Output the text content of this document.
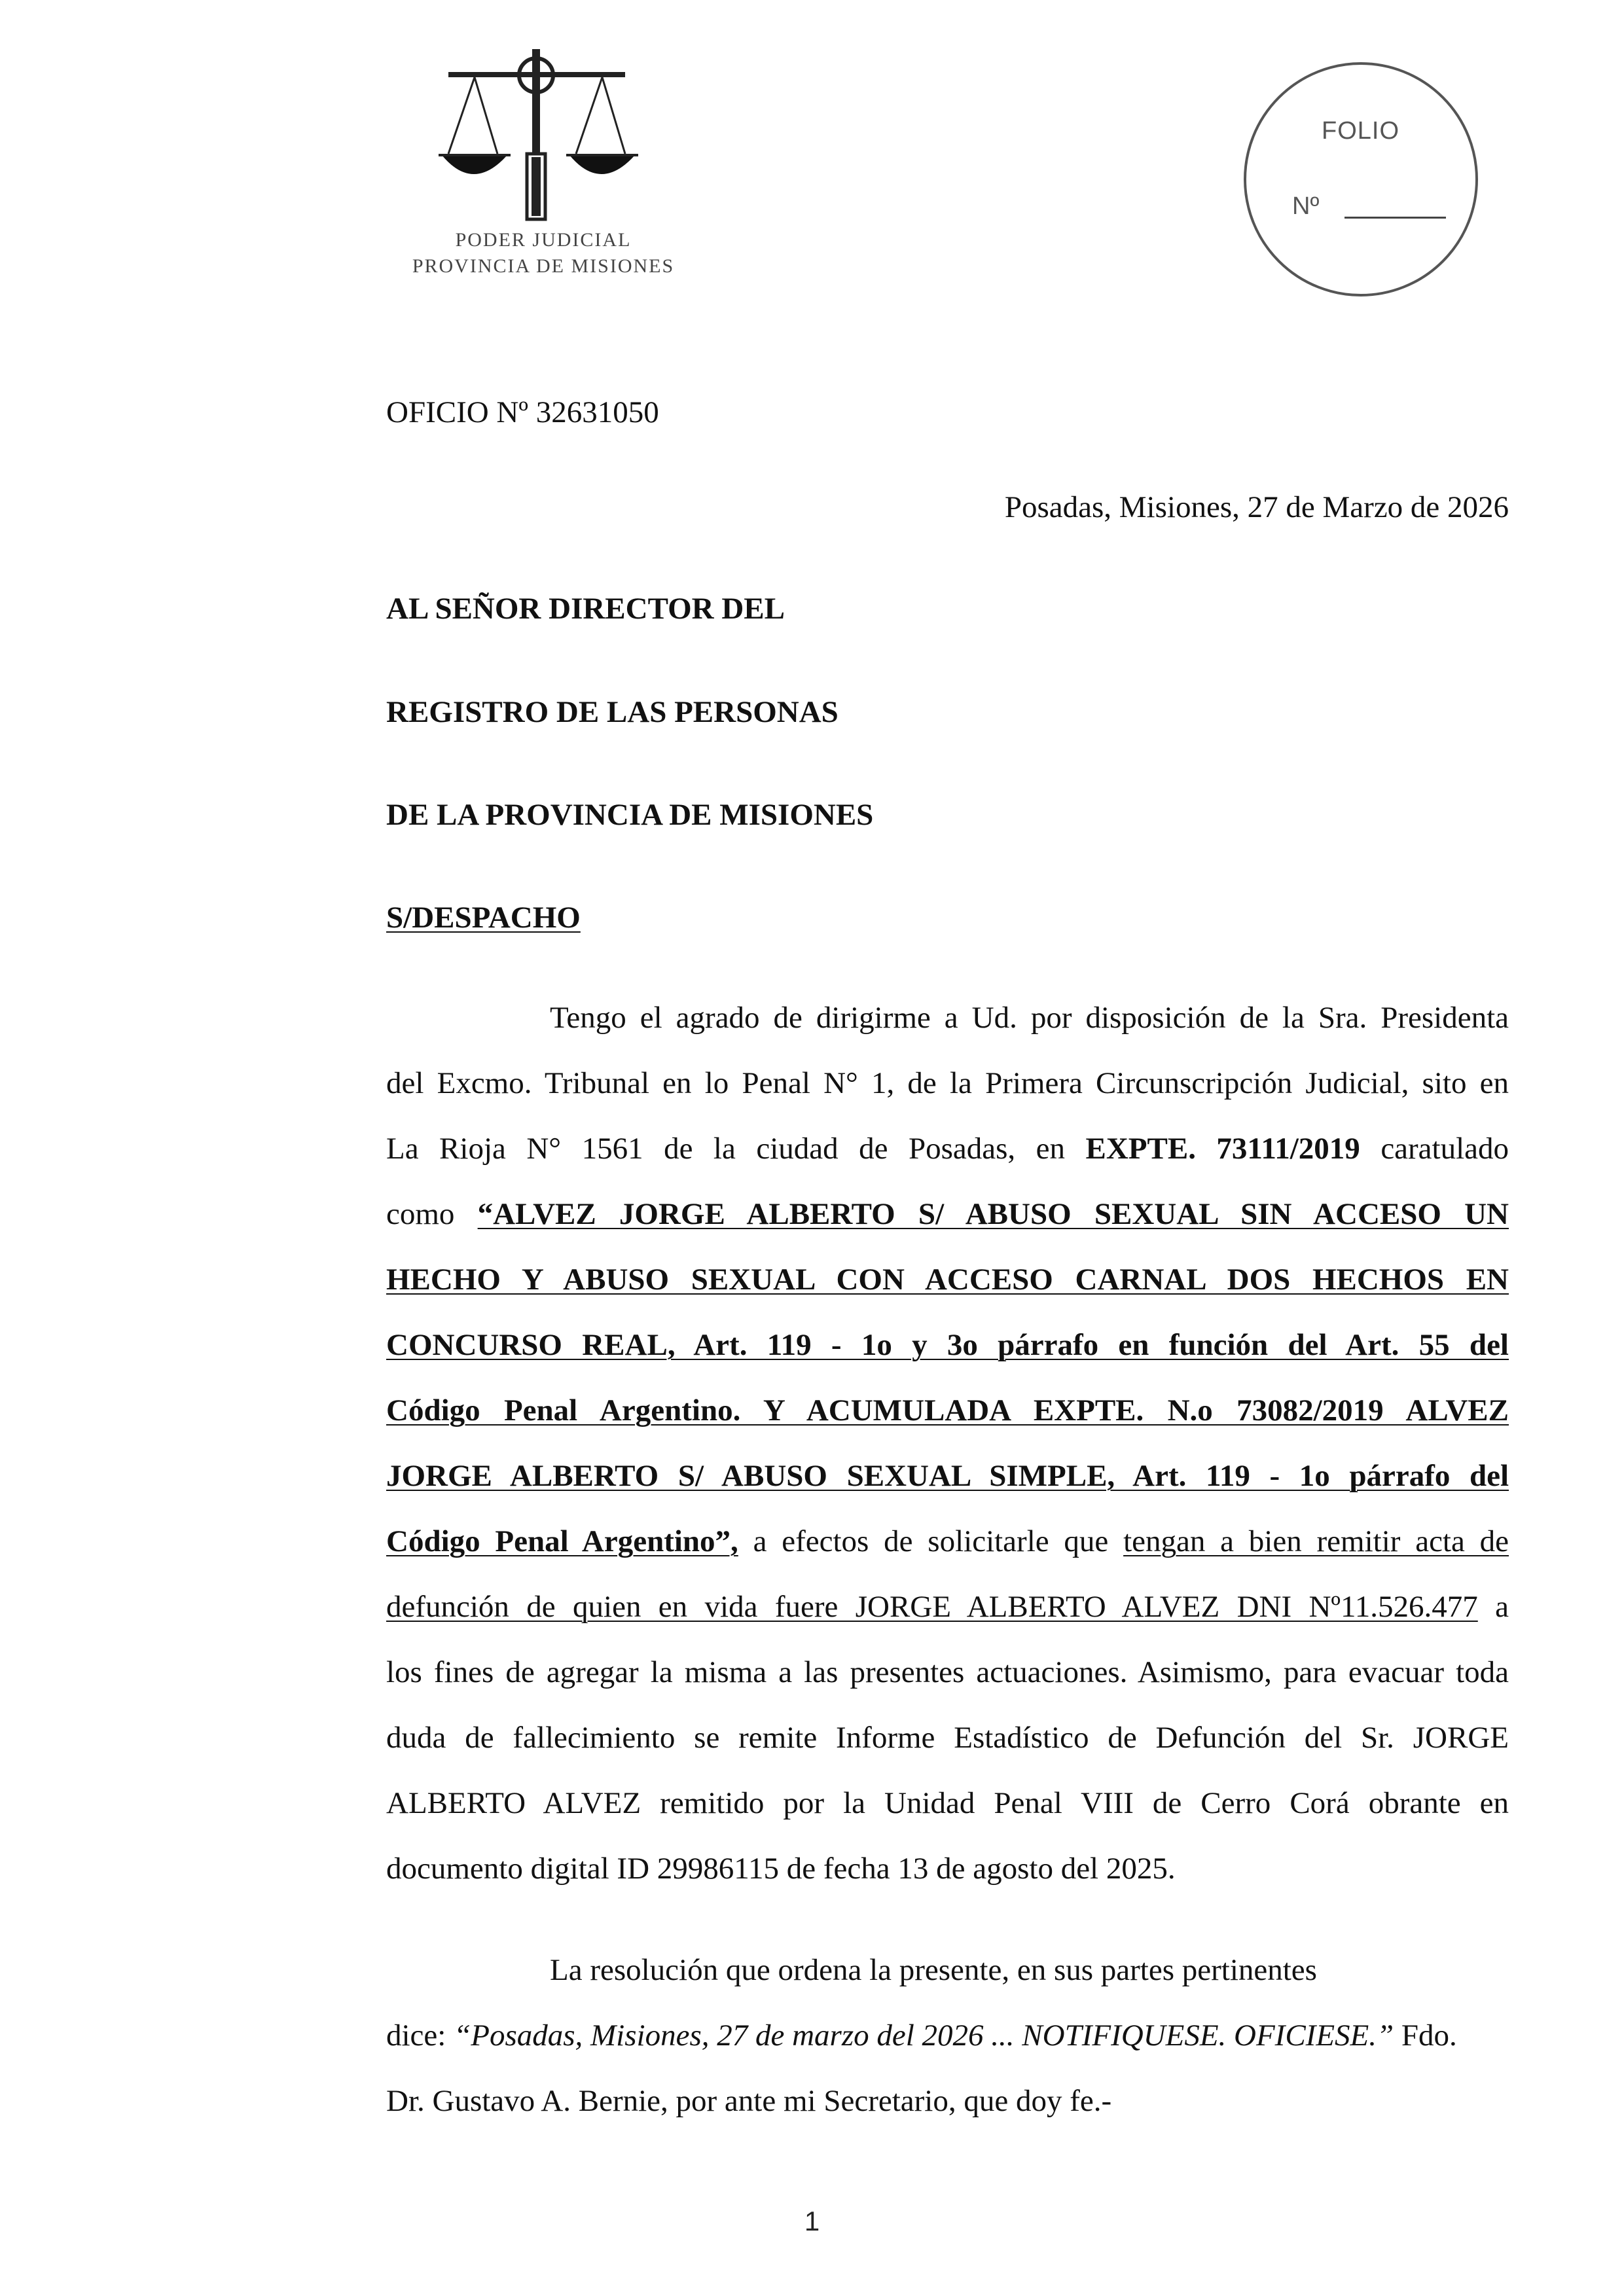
PODER JUDICIAL
PROVINCIA DE MISIONES
FOLIO
Nº
OFICIO Nº 32631050
Posadas, Misiones, 27 de Marzo de 2026
AL SEÑOR DIRECTOR DEL
REGISTRO DE LAS PERSONAS
DE LA PROVINCIA DE MISIONES
S/DESPACHO
Tengo el agrado de dirigirme a Ud. por disposición de la Sra. Presidenta
del Excmo. Tribunal en lo Penal N° 1, de la Primera Circunscripción Judicial, sito en
La Rioja N° 1561 de la ciudad de Posadas, en EXPTE. 73111/2019 caratulado
como “ALVEZ JORGE ALBERTO S/ ABUSO SEXUAL SIN ACCESO UN
HECHO Y ABUSO SEXUAL CON ACCESO CARNAL DOS HECHOS EN
CONCURSO REAL, Art. 119 - 1o y 3o párrafo en función del Art. 55 del
Código Penal Argentino. Y ACUMULADA EXPTE. N.o 73082/2019 ALVEZ
JORGE ALBERTO S/ ABUSO SEXUAL SIMPLE, Art. 119 - 1o párrafo del
Código Penal Argentino”, a efectos de solicitarle que tengan a bien remitir acta de
defunción de quien en vida fuere JORGE ALBERTO ALVEZ DNI Nº11.526.477 a
los fines de agregar la misma a las presentes actuaciones. Asimismo, para evacuar toda
duda de fallecimiento se remite Informe Estadístico de Defunción del Sr. JORGE
ALBERTO ALVEZ remitido por la Unidad Penal VIII de Cerro Corá obrante en
documento digital ID 29986115 de fecha 13 de agosto del 2025.
La resolución que ordena la presente, en sus partes pertinentes
dice: “Posadas, Misiones, 27 de marzo del 2026 ... NOTIFIQUESE. OFICIESE.” Fdo.
Dr. Gustavo A. Bernie, por ante mi Secretario, que doy fe.-
1
